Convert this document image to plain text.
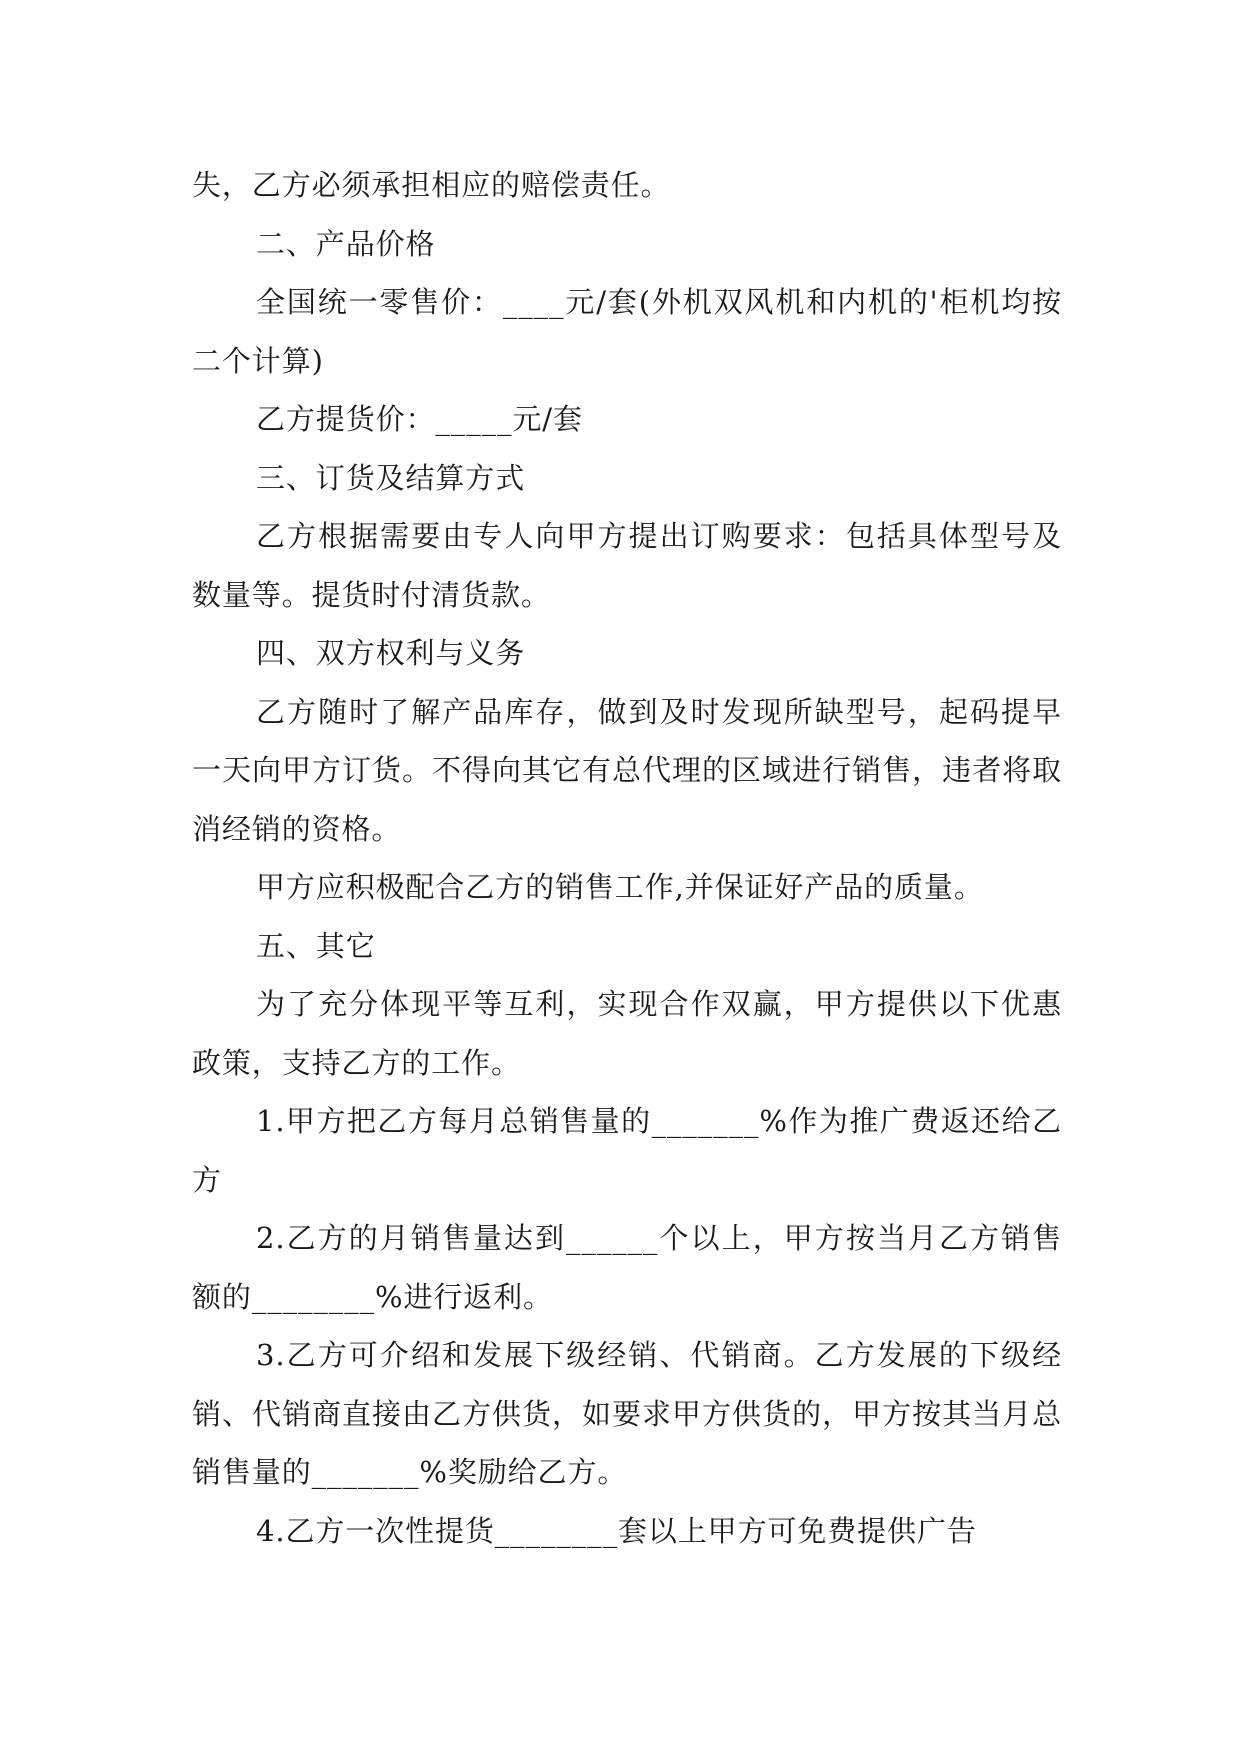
失，乙方必须承担相应的赔偿责任。

二、产品价格

全国统一零售价：____元/套(外机双风机和内机的'柜机均按二个计算)

乙方提货价：_____元/套

三、订货及结算方式

乙方根据需要由专人向甲方提出订购要求：包括具体型号及数量等。提货时付清货款。

四、双方权利与义务

乙方随时了解产品库存，做到及时发现所缺型号，起码提早一天向甲方订货。不得向其它有总代理的区域进行销售，违者将取消经销的资格。

甲方应积极配合乙方的销售工作,并保证好产品的质量。

五、其它

为了充分体现平等互利，实现合作双赢，甲方提供以下优惠政策，支持乙方的工作。

1.甲方把乙方每月总销售量的_______%作为推广费返还给乙方

2.乙方的月销售量达到______个以上，甲方按当月乙方销售额的________%进行返利。

3.乙方可介绍和发展下级经销、代销商。乙方发展的下级经销、代销商直接由乙方供货，如要求甲方供货的，甲方按其当月总销售量的_______%奖励给乙方。

4.乙方一次性提货________套以上甲方可免费提供广告
